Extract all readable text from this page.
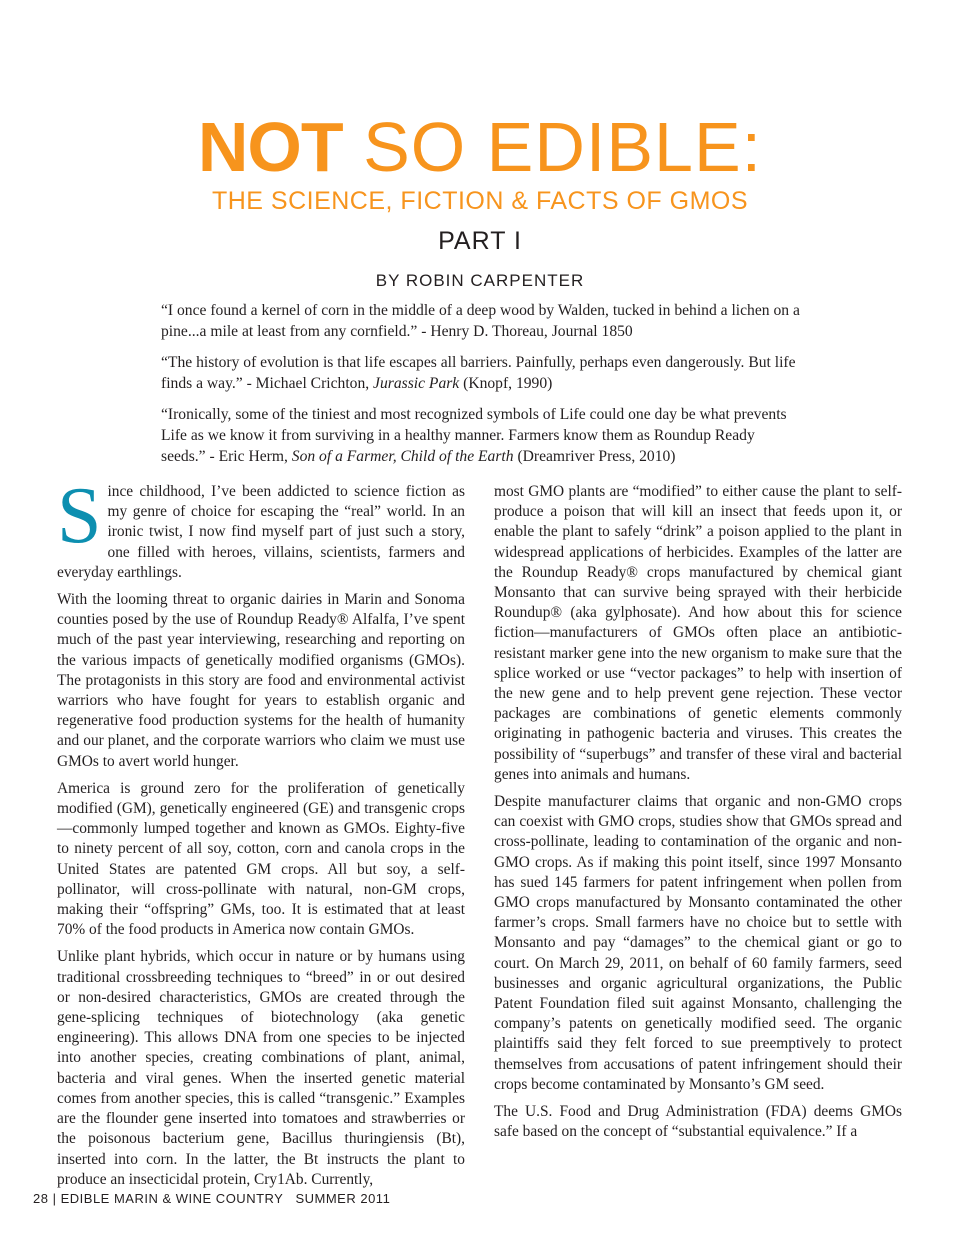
NOT SO EDIBLE:
THE SCIENCE, FICTION & FACTS OF GMOS
PART I
BY ROBIN CARPENTER

“I once found a kernel of corn in the middle of a deep wood by Walden, tucked in behind a lichen on a pine...a mile at least from any cornfield.” - Henry D. Thoreau, Journal 1850

“The history of evolution is that life escapes all barriers. Painfully, perhaps even dangerously. But life finds a way.” - Michael Crichton, Jurassic Park (Knopf, 1990)

“Ironically, some of the tiniest and most recognized symbols of Life could one day be what prevents Life as we know it from surviving in a healthy manner. Farmers know them as Roundup Ready seeds.” - Eric Herm, Son of a Farmer, Child of the Earth (Dreamriver Press, 2010)

Since childhood, I’ve been addicted to science fiction as my genre of choice for escaping the “real” world. In an ironic twist, I now find myself part of just such a story, one filled with heroes, villains, scientists, farmers and everyday earthlings.

With the looming threat to organic dairies in Marin and Sonoma counties posed by the use of Roundup Ready® Alfalfa, I’ve spent much of the past year interviewing, researching and reporting on the various impacts of genetically modified organisms (GMOs). The protagonists in this story are food and environmental activist warriors who have fought for years to establish organic and regenerative food production systems for the health of humanity and our planet, and the corporate warriors who claim we must use GMOs to avert world hunger.

America is ground zero for the proliferation of genetically modified (GM), genetically engineered (GE) and transgenic crops—commonly lumped together and known as GMOs. Eighty-five to ninety percent of all soy, cotton, corn and canola crops in the United States are patented GM crops. All but soy, a self-pollinator, will cross-pollinate with natural, non-GM crops, making their “offspring” GMs, too. It is estimated that at least 70% of the food products in America now contain GMOs.

Unlike plant hybrids, which occur in nature or by humans using traditional crossbreeding techniques to “breed” in or out desired or non-desired characteristics, GMOs are created through the gene-splicing techniques of biotechnology (aka genetic engineering). This allows DNA from one species to be injected into another species, creating combinations of plant, animal, bacteria and viral genes. When the inserted genetic material comes from another species, this is called “transgenic.” Examples are the flounder gene inserted into tomatoes and strawberries or the poisonous bacterium gene, Bacillus thuringiensis (Bt), inserted into corn. In the latter, the Bt instructs the plant to produce an insecticidal protein, Cry1Ab. Currently,

most GMO plants are “modified” to either cause the plant to self-produce a poison that will kill an insect that feeds upon it, or enable the plant to safely “drink” a poison applied to the plant in widespread applications of herbicides. Examples of the latter are the Roundup Ready® crops manufactured by chemical giant Monsanto that can survive being sprayed with their herbicide Roundup® (aka gylphosate). And how about this for science fiction—manufacturers of GMOs often place an antibiotic-resistant marker gene into the new organism to make sure that the splice worked or use “vector packages” to help with insertion of the new gene and to help prevent gene rejection. These vector packages are combinations of genetic elements commonly originating in pathogenic bacteria and viruses. This creates the possibility of “superbugs” and transfer of these viral and bacterial genes into animals and humans.

Despite manufacturer claims that organic and non-GMO crops can coexist with GMO crops, studies show that GMOs spread and cross-pollinate, leading to contamination of the organic and non-GMO crops. As if making this point itself, since 1997 Monsanto has sued 145 farmers for patent infringement when pollen from GMO crops manufactured by Monsanto contaminated the other farmer’s crops. Small farmers have no choice but to settle with Monsanto and pay “damages” to the chemical giant or go to court. On March 29, 2011, on behalf of 60 family farmers, seed businesses and organic agricultural organizations, the Public Patent Foundation filed suit against Monsanto, challenging the company’s patents on genetically modified seed. The organic plaintiffs said they felt forced to sue preemptively to protect themselves from accusations of patent infringement should their crops become contaminated by Monsanto’s GM seed.

The U.S. Food and Drug Administration (FDA) deems GMOs safe based on the concept of “substantial equivalence.” If a

28 | EDIBLE MARIN & WINE COUNTRY SUMMER 2011
